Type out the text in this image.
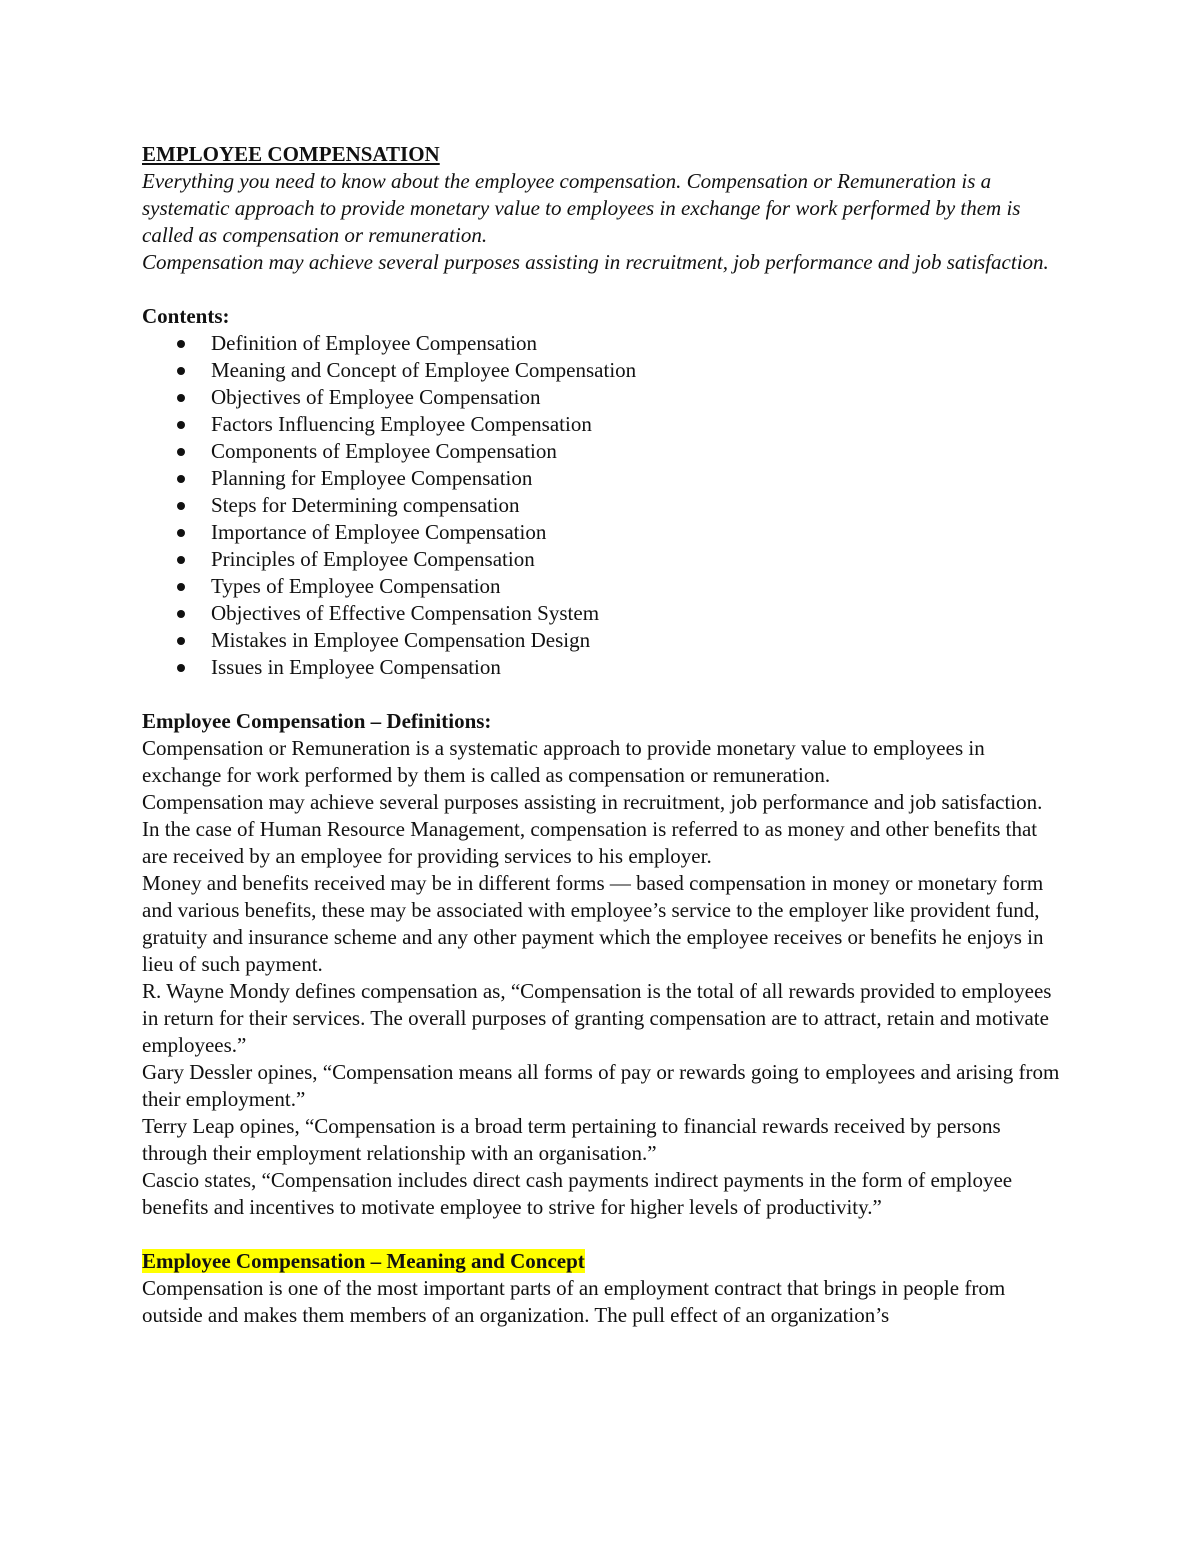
EMPLOYEE COMPENSATION

Everything you need to know about the employee compensation. Compensation or Remuneration is a systematic approach to provide monetary value to employees in exchange for work performed by them is called as compensation or remuneration.

Compensation may achieve several purposes assisting in recruitment, job performance and job satisfaction.

Contents:

Definition of Employee Compensation
Meaning and Concept of Employee Compensation
Objectives of Employee Compensation
Factors Influencing Employee Compensation
Components of Employee Compensation
Planning for Employee Compensation
Steps for Determining compensation
Importance of Employee Compensation
Principles of Employee Compensation
Types of Employee Compensation
Objectives of Effective Compensation System
Mistakes in Employee Compensation Design
Issues in Employee Compensation

Employee Compensation – Definitions:

Compensation or Remuneration is a systematic approach to provide monetary value to employees in exchange for work performed by them is called as compensation or remuneration.

Compensation may achieve several purposes assisting in recruitment, job performance and job satisfaction.

In the case of Human Resource Management, compensation is referred to as money and other benefits that are received by an employee for providing services to his employer.

Money and benefits received may be in different forms — based compensation in money or monetary form and various benefits, these may be associated with employee’s service to the employer like provident fund, gratuity and insurance scheme and any other payment which the employee receives or benefits he enjoys in lieu of such payment.

R. Wayne Mondy defines compensation as, “Compensation is the total of all rewards provided to employees in return for their services. The overall purposes of granting compensation are to attract, retain and motivate employees.”

Gary Dessler opines, “Compensation means all forms of pay or rewards going to employees and arising from their employment.”

Terry Leap opines, “Compensation is a broad term pertaining to financial rewards received by persons through their employment relationship with an organisation.”

Cascio states, “Compensation includes direct cash payments indirect payments in the form of employee benefits and incentives to motivate employee to strive for higher levels of productivity.”

Employee Compensation – Meaning and Concept

Compensation is one of the most important parts of an employment contract that brings in people from outside and makes them members of an organization. The pull effect of an organization’s
